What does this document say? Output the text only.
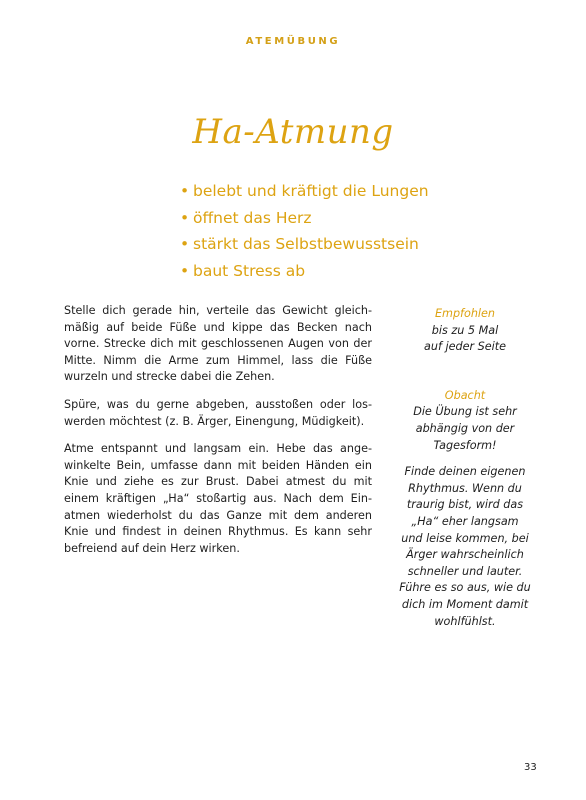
ATEMÜBUNG
Ha-Atmung
• belebt und kräftigt die Lungen
• öffnet das Herz
• stärkt das Selbstbewusstsein
• baut Stress ab

Stelle dich gerade hin, verteile das Gewicht gleichmäßig auf beide Füße und kippe das Becken nach vorne. Strecke dich mit geschlossenen Augen von der Mitte. Nimm die Arme zum Himmel, lass die Füße wurzeln und strecke dabei die Zehen.

Spüre, was du gerne abgeben, ausstoßen oder loswerden möchtest (z. B. Ärger, Einengung, Müdigkeit).

Atme entspannt und langsam ein. Hebe das angewinkelte Bein, umfasse dann mit beiden Händen ein Knie und ziehe es zur Brust. Dabei atmest du mit einem kräftigen „Ha“ stoßartig aus. Nach dem Einatmen wiederholst du das Ganze mit dem anderen Knie und findest in deinen Rhythmus. Es kann sehr befreiend auf dein Herz wirken.

Empfohlen
bis zu 5 Mal
auf jeder Seite
Obacht
Die Übung ist sehr
abhängig von der
Tagesform!
Finde deinen eigenen
Rhythmus. Wenn du
traurig bist, wird das
„Ha“ eher langsam
und leise kommen, bei
Ärger wahrscheinlich
schneller und lauter.
Führe es so aus, wie du
dich im Moment damit
wohlfühlst.
33
